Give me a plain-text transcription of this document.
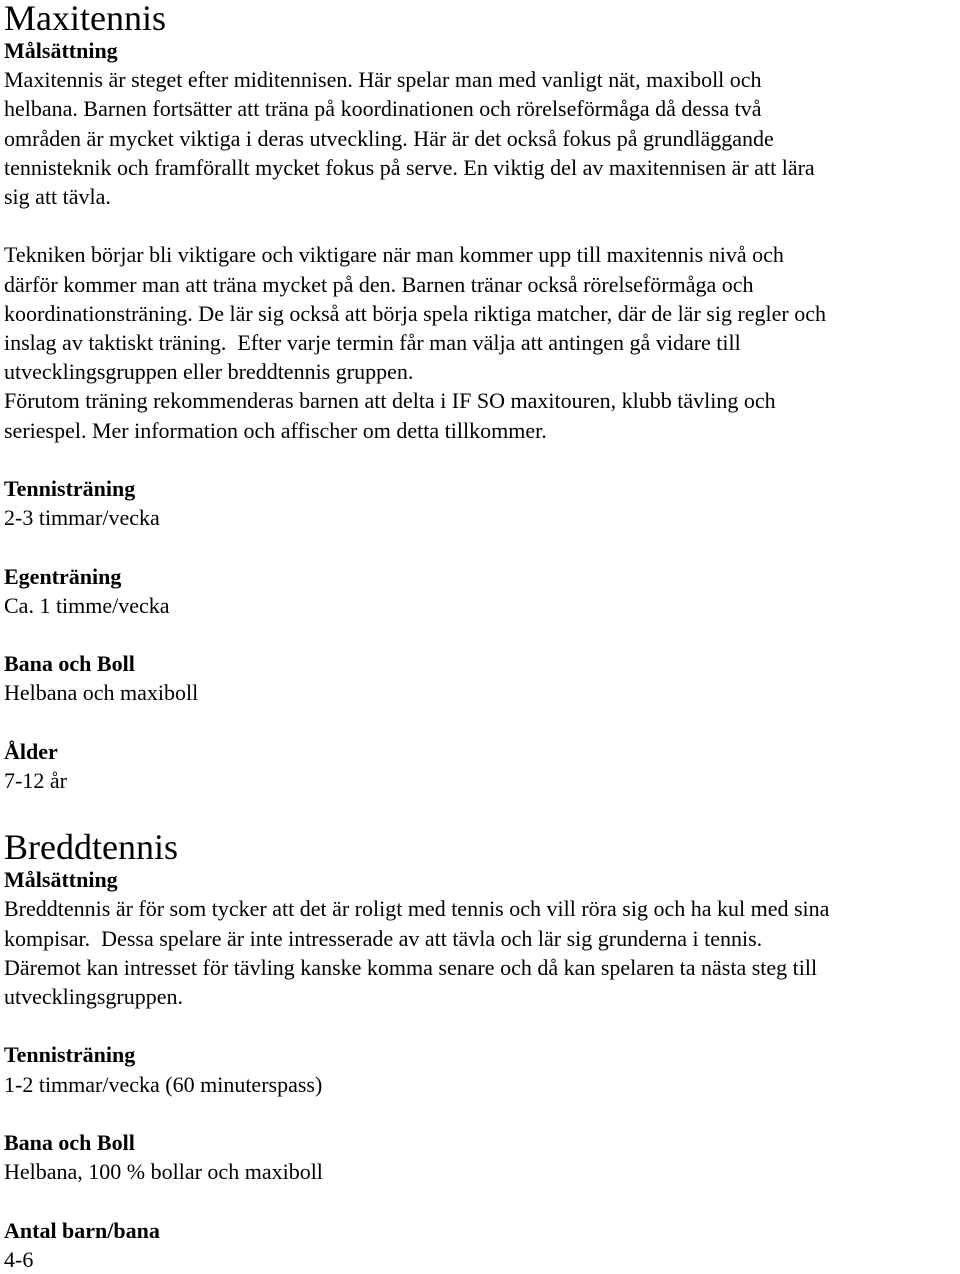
Maxitennis

Målsättning

Maxitennis är steget efter miditennisen. Här spelar man med vanligt nät, maxiboll och

helbana. Barnen fortsätter att träna på koordinationen och rörelseförmåga då dessa två

områden är mycket viktiga i deras utveckling. Här är det också fokus på grundläggande

tennisteknik och framförallt mycket fokus på serve. En viktig del av maxitennisen är att lära

sig att tävla.

Tekniken börjar bli viktigare och viktigare när man kommer upp till maxitennis nivå och

därför kommer man att träna mycket på den. Barnen tränar också rörelseförmåga och

koordinationsträning. De lär sig också att börja spela riktiga matcher, där de lär sig regler och

inslag av taktiskt träning.  Efter varje termin får man välja att antingen gå vidare till

utvecklingsgruppen eller breddtennis gruppen.

Förutom träning rekommenderas barnen att delta i IF SO maxitouren, klubb tävling och

seriespel. Mer information och affischer om detta tillkommer.

Tennisträning

2-3 timmar/vecka

Egenträning

Ca. 1 timme/vecka

Bana och Boll

Helbana och maxiboll

Ålder

7-12 år

Breddtennis

Målsättning

Breddtennis är för som tycker att det är roligt med tennis och vill röra sig och ha kul med sina

kompisar.  Dessa spelare är inte intresserade av att tävla och lär sig grunderna i tennis.

Däremot kan intresset för tävling kanske komma senare och då kan spelaren ta nästa steg till

utvecklingsgruppen.

Tennisträning

1-2 timmar/vecka (60 minuterspass)

Bana och Boll

Helbana, 100 % bollar och maxiboll

Antal barn/bana

4-6
